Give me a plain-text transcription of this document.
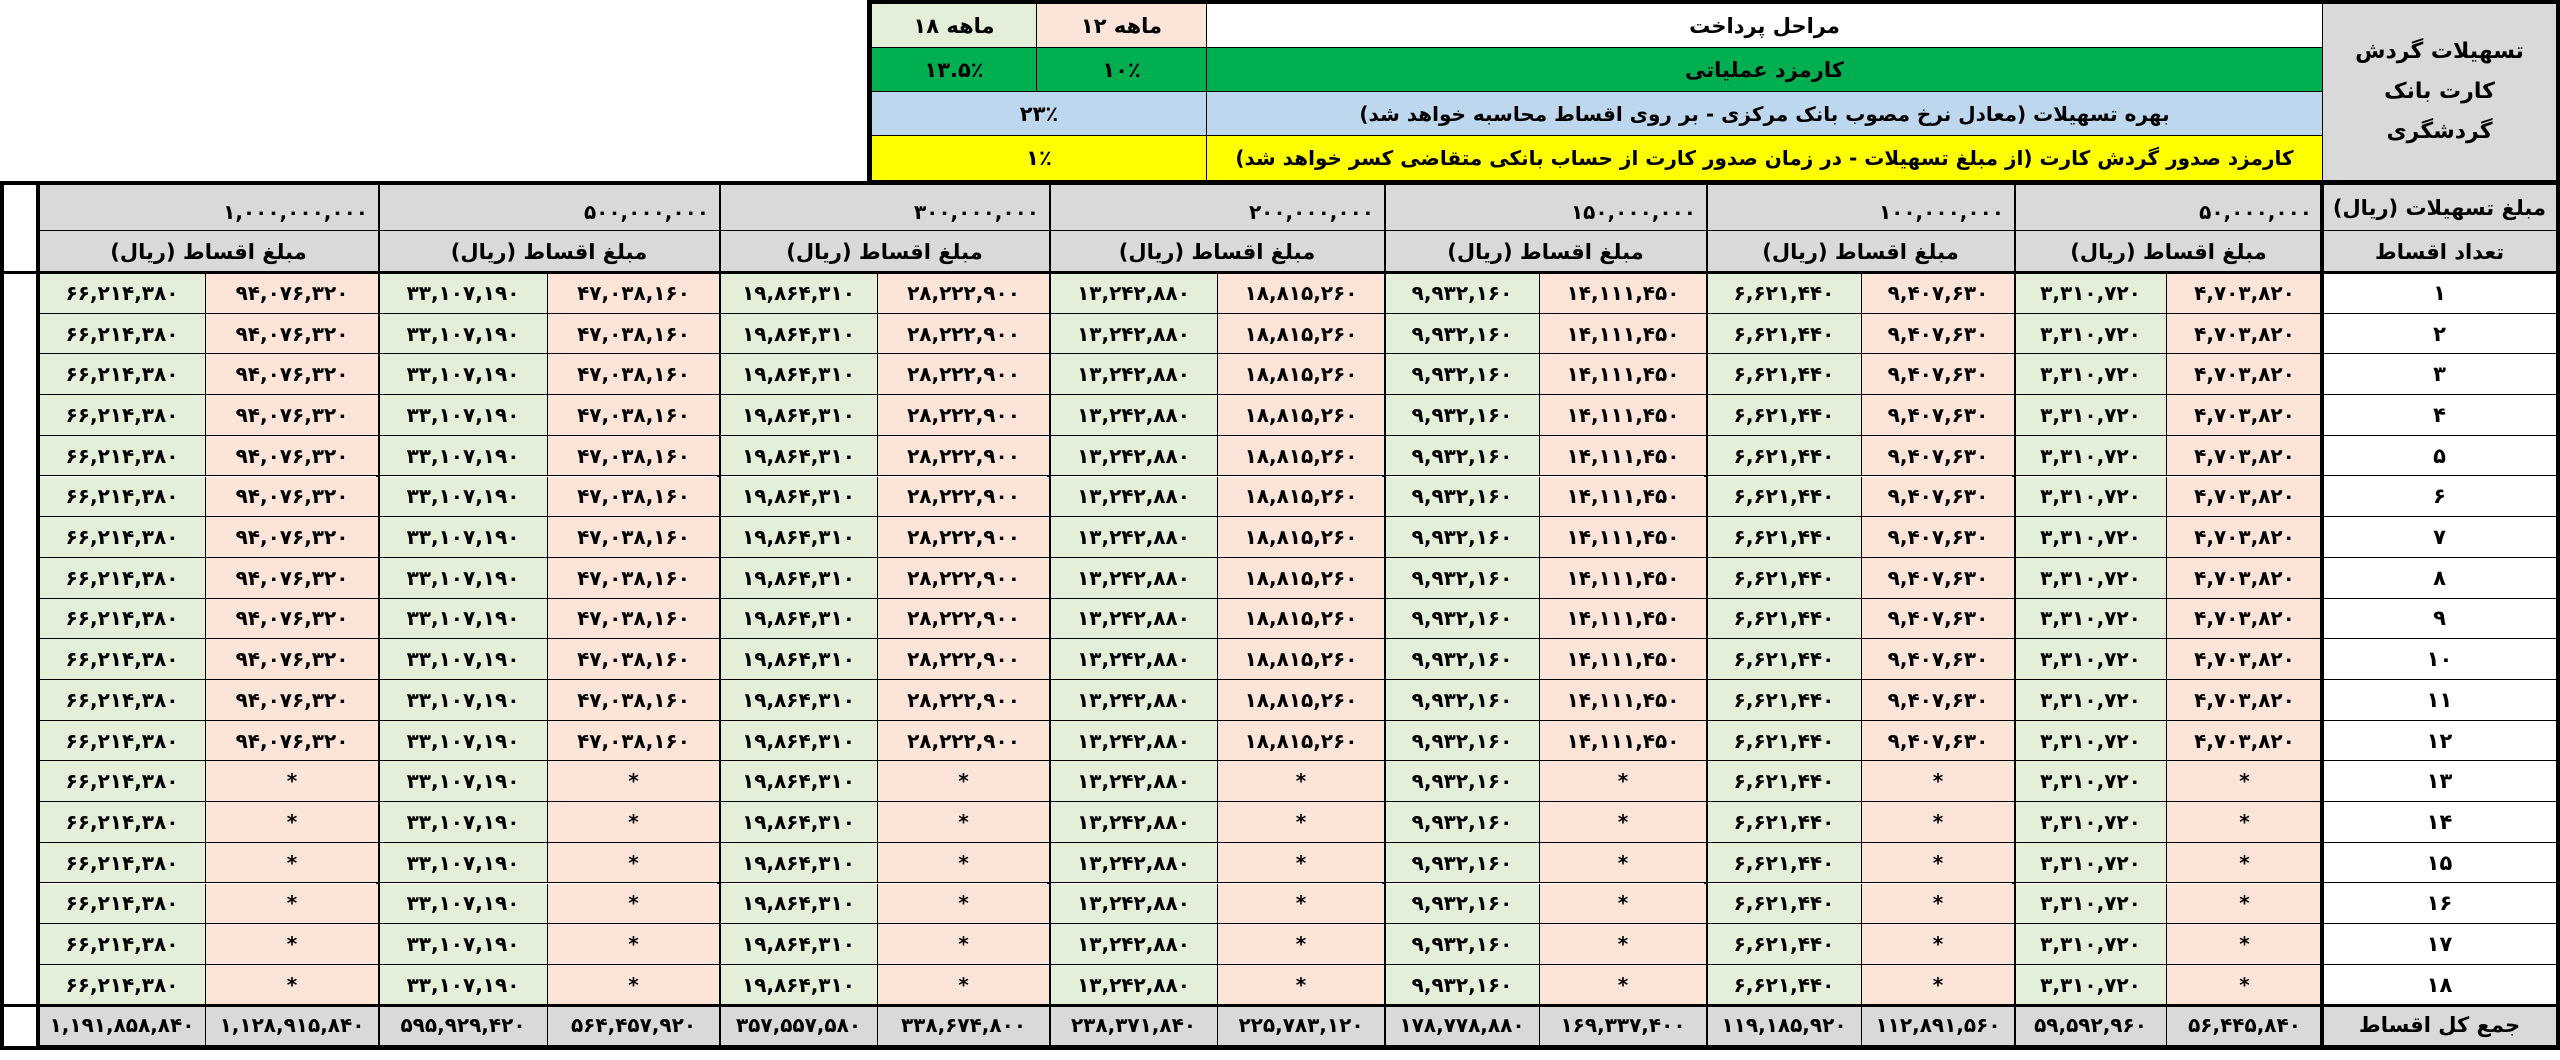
تسهیلات گردش کارت بانک گردشگری
مراحل پرداخت
۱۲ ماهه
۱۸ ماهه
کارمزد عملیاتی
۱۰٪
۱۳.۵٪
بهره تسهیلات (معادل نرخ مصوب بانک مرکزی - بر روی اقساط محاسبه خواهد شد)
۲۳٪
کارمزد صدور گردش کارت (از مبلغ تسهیلات - در زمان صدور کارت از حساب بانکی متقاضی کسر خواهد شد)
۱٪
مبلغ تسهیلات (ریال)
تعداد اقساط
۱
۲
۳
۴
۵
۶
۷
۸
۹
۱۰
۱۱
۱۲
۱۳
۱۴
۱۵
۱۶
۱۷
۱۸
جمع کل اقساط
۵۰,۰۰۰,۰۰۰
مبلغ اقساط (ریال)
۴,۷۰۳,۸۲۰
۳,۳۱۰,۷۲۰
۴,۷۰۳,۸۲۰
۳,۳۱۰,۷۲۰
۴,۷۰۳,۸۲۰
۳,۳۱۰,۷۲۰
۴,۷۰۳,۸۲۰
۳,۳۱۰,۷۲۰
۴,۷۰۳,۸۲۰
۳,۳۱۰,۷۲۰
۴,۷۰۳,۸۲۰
۳,۳۱۰,۷۲۰
۴,۷۰۳,۸۲۰
۳,۳۱۰,۷۲۰
۴,۷۰۳,۸۲۰
۳,۳۱۰,۷۲۰
۴,۷۰۳,۸۲۰
۳,۳۱۰,۷۲۰
۴,۷۰۳,۸۲۰
۳,۳۱۰,۷۲۰
۴,۷۰۳,۸۲۰
۳,۳۱۰,۷۲۰
۴,۷۰۳,۸۲۰
۳,۳۱۰,۷۲۰
*
۳,۳۱۰,۷۲۰
*
۳,۳۱۰,۷۲۰
*
۳,۳۱۰,۷۲۰
*
۳,۳۱۰,۷۲۰
*
۳,۳۱۰,۷۲۰
*
۳,۳۱۰,۷۲۰
۵۶,۴۴۵,۸۴۰
۵۹,۵۹۲,۹۶۰
۱۰۰,۰۰۰,۰۰۰
مبلغ اقساط (ریال)
۹,۴۰۷,۶۳۰
۶,۶۲۱,۴۴۰
۹,۴۰۷,۶۳۰
۶,۶۲۱,۴۴۰
۹,۴۰۷,۶۳۰
۶,۶۲۱,۴۴۰
۹,۴۰۷,۶۳۰
۶,۶۲۱,۴۴۰
۹,۴۰۷,۶۳۰
۶,۶۲۱,۴۴۰
۹,۴۰۷,۶۳۰
۶,۶۲۱,۴۴۰
۹,۴۰۷,۶۳۰
۶,۶۲۱,۴۴۰
۹,۴۰۷,۶۳۰
۶,۶۲۱,۴۴۰
۹,۴۰۷,۶۳۰
۶,۶۲۱,۴۴۰
۹,۴۰۷,۶۳۰
۶,۶۲۱,۴۴۰
۹,۴۰۷,۶۳۰
۶,۶۲۱,۴۴۰
۹,۴۰۷,۶۳۰
۶,۶۲۱,۴۴۰
*
۶,۶۲۱,۴۴۰
*
۶,۶۲۱,۴۴۰
*
۶,۶۲۱,۴۴۰
*
۶,۶۲۱,۴۴۰
*
۶,۶۲۱,۴۴۰
*
۶,۶۲۱,۴۴۰
۱۱۲,۸۹۱,۵۶۰
۱۱۹,۱۸۵,۹۲۰
۱۵۰,۰۰۰,۰۰۰
مبلغ اقساط (ریال)
۱۴,۱۱۱,۴۵۰
۹,۹۳۲,۱۶۰
۱۴,۱۱۱,۴۵۰
۹,۹۳۲,۱۶۰
۱۴,۱۱۱,۴۵۰
۹,۹۳۲,۱۶۰
۱۴,۱۱۱,۴۵۰
۹,۹۳۲,۱۶۰
۱۴,۱۱۱,۴۵۰
۹,۹۳۲,۱۶۰
۱۴,۱۱۱,۴۵۰
۹,۹۳۲,۱۶۰
۱۴,۱۱۱,۴۵۰
۹,۹۳۲,۱۶۰
۱۴,۱۱۱,۴۵۰
۹,۹۳۲,۱۶۰
۱۴,۱۱۱,۴۵۰
۹,۹۳۲,۱۶۰
۱۴,۱۱۱,۴۵۰
۹,۹۳۲,۱۶۰
۱۴,۱۱۱,۴۵۰
۹,۹۳۲,۱۶۰
۱۴,۱۱۱,۴۵۰
۹,۹۳۲,۱۶۰
*
۹,۹۳۲,۱۶۰
*
۹,۹۳۲,۱۶۰
*
۹,۹۳۲,۱۶۰
*
۹,۹۳۲,۱۶۰
*
۹,۹۳۲,۱۶۰
*
۹,۹۳۲,۱۶۰
۱۶۹,۳۳۷,۴۰۰
۱۷۸,۷۷۸,۸۸۰
۲۰۰,۰۰۰,۰۰۰
مبلغ اقساط (ریال)
۱۸,۸۱۵,۲۶۰
۱۳,۲۴۲,۸۸۰
۱۸,۸۱۵,۲۶۰
۱۳,۲۴۲,۸۸۰
۱۸,۸۱۵,۲۶۰
۱۳,۲۴۲,۸۸۰
۱۸,۸۱۵,۲۶۰
۱۳,۲۴۲,۸۸۰
۱۸,۸۱۵,۲۶۰
۱۳,۲۴۲,۸۸۰
۱۸,۸۱۵,۲۶۰
۱۳,۲۴۲,۸۸۰
۱۸,۸۱۵,۲۶۰
۱۳,۲۴۲,۸۸۰
۱۸,۸۱۵,۲۶۰
۱۳,۲۴۲,۸۸۰
۱۸,۸۱۵,۲۶۰
۱۳,۲۴۲,۸۸۰
۱۸,۸۱۵,۲۶۰
۱۳,۲۴۲,۸۸۰
۱۸,۸۱۵,۲۶۰
۱۳,۲۴۲,۸۸۰
۱۸,۸۱۵,۲۶۰
۱۳,۲۴۲,۸۸۰
*
۱۳,۲۴۲,۸۸۰
*
۱۳,۲۴۲,۸۸۰
*
۱۳,۲۴۲,۸۸۰
*
۱۳,۲۴۲,۸۸۰
*
۱۳,۲۴۲,۸۸۰
*
۱۳,۲۴۲,۸۸۰
۲۲۵,۷۸۳,۱۲۰
۲۳۸,۳۷۱,۸۴۰
۳۰۰,۰۰۰,۰۰۰
مبلغ اقساط (ریال)
۲۸,۲۲۲,۹۰۰
۱۹,۸۶۴,۳۱۰
۲۸,۲۲۲,۹۰۰
۱۹,۸۶۴,۳۱۰
۲۸,۲۲۲,۹۰۰
۱۹,۸۶۴,۳۱۰
۲۸,۲۲۲,۹۰۰
۱۹,۸۶۴,۳۱۰
۲۸,۲۲۲,۹۰۰
۱۹,۸۶۴,۳۱۰
۲۸,۲۲۲,۹۰۰
۱۹,۸۶۴,۳۱۰
۲۸,۲۲۲,۹۰۰
۱۹,۸۶۴,۳۱۰
۲۸,۲۲۲,۹۰۰
۱۹,۸۶۴,۳۱۰
۲۸,۲۲۲,۹۰۰
۱۹,۸۶۴,۳۱۰
۲۸,۲۲۲,۹۰۰
۱۹,۸۶۴,۳۱۰
۲۸,۲۲۲,۹۰۰
۱۹,۸۶۴,۳۱۰
۲۸,۲۲۲,۹۰۰
۱۹,۸۶۴,۳۱۰
*
۱۹,۸۶۴,۳۱۰
*
۱۹,۸۶۴,۳۱۰
*
۱۹,۸۶۴,۳۱۰
*
۱۹,۸۶۴,۳۱۰
*
۱۹,۸۶۴,۳۱۰
*
۱۹,۸۶۴,۳۱۰
۳۳۸,۶۷۴,۸۰۰
۳۵۷,۵۵۷,۵۸۰
۵۰۰,۰۰۰,۰۰۰
مبلغ اقساط (ریال)
۴۷,۰۳۸,۱۶۰
۳۳,۱۰۷,۱۹۰
۴۷,۰۳۸,۱۶۰
۳۳,۱۰۷,۱۹۰
۴۷,۰۳۸,۱۶۰
۳۳,۱۰۷,۱۹۰
۴۷,۰۳۸,۱۶۰
۳۳,۱۰۷,۱۹۰
۴۷,۰۳۸,۱۶۰
۳۳,۱۰۷,۱۹۰
۴۷,۰۳۸,۱۶۰
۳۳,۱۰۷,۱۹۰
۴۷,۰۳۸,۱۶۰
۳۳,۱۰۷,۱۹۰
۴۷,۰۳۸,۱۶۰
۳۳,۱۰۷,۱۹۰
۴۷,۰۳۸,۱۶۰
۳۳,۱۰۷,۱۹۰
۴۷,۰۳۸,۱۶۰
۳۳,۱۰۷,۱۹۰
۴۷,۰۳۸,۱۶۰
۳۳,۱۰۷,۱۹۰
۴۷,۰۳۸,۱۶۰
۳۳,۱۰۷,۱۹۰
*
۳۳,۱۰۷,۱۹۰
*
۳۳,۱۰۷,۱۹۰
*
۳۳,۱۰۷,۱۹۰
*
۳۳,۱۰۷,۱۹۰
*
۳۳,۱۰۷,۱۹۰
*
۳۳,۱۰۷,۱۹۰
۵۶۴,۴۵۷,۹۲۰
۵۹۵,۹۲۹,۴۲۰
۱,۰۰۰,۰۰۰,۰۰۰
مبلغ اقساط (ریال)
۹۴,۰۷۶,۳۲۰
۶۶,۲۱۴,۳۸۰
۹۴,۰۷۶,۳۲۰
۶۶,۲۱۴,۳۸۰
۹۴,۰۷۶,۳۲۰
۶۶,۲۱۴,۳۸۰
۹۴,۰۷۶,۳۲۰
۶۶,۲۱۴,۳۸۰
۹۴,۰۷۶,۳۲۰
۶۶,۲۱۴,۳۸۰
۹۴,۰۷۶,۳۲۰
۶۶,۲۱۴,۳۸۰
۹۴,۰۷۶,۳۲۰
۶۶,۲۱۴,۳۸۰
۹۴,۰۷۶,۳۲۰
۶۶,۲۱۴,۳۸۰
۹۴,۰۷۶,۳۲۰
۶۶,۲۱۴,۳۸۰
۹۴,۰۷۶,۳۲۰
۶۶,۲۱۴,۳۸۰
۹۴,۰۷۶,۳۲۰
۶۶,۲۱۴,۳۸۰
۹۴,۰۷۶,۳۲۰
۶۶,۲۱۴,۳۸۰
*
۶۶,۲۱۴,۳۸۰
*
۶۶,۲۱۴,۳۸۰
*
۶۶,۲۱۴,۳۸۰
*
۶۶,۲۱۴,۳۸۰
*
۶۶,۲۱۴,۳۸۰
*
۶۶,۲۱۴,۳۸۰
۱,۱۲۸,۹۱۵,۸۴۰
۱,۱۹۱,۸۵۸,۸۴۰
